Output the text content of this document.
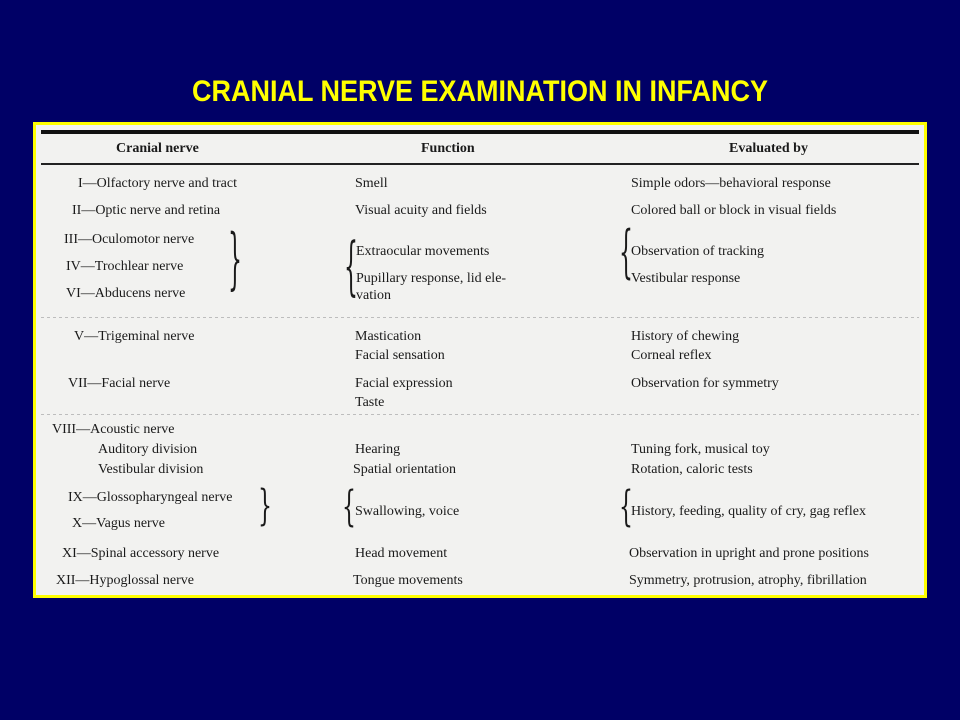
CRANIAL NERVE EXAMINATION IN INFANCY
Cranial nerve	Function	Evaluated by
I—Olfactory nerve and tract
II—Optic nerve and retina
III—Oculomotor nerve
IV—Trochlear nerve
VI—Abducens nerve
V—Trigeminal nerve
VII—Facial nerve
VIII—Acoustic nerve
Auditory division
Vestibular division
IX—Glossopharyngeal nerve
X—Vagus nerve
XI—Spinal accessory nerve
XII—Hypoglossal nerve
}
}
Smell
Visual acuity and fields
{
Extraocular movements
Pupillary response, lid ele-
vation
Mastication
Facial sensation
Facial expression
Taste
Hearing
Spatial orientation
{ Swallowing, voice
Head movement
Tongue movements
Simple odors—behavioral response
Colored ball or block in visual fields
{
Observation of tracking
Vestibular response
History of chewing
Corneal reflex
Observation for symmetry
Tuning fork, musical toy
Rotation, caloric tests
{
History, feeding, quality of cry, gag reflex
Observation in upright and prone positions
Symmetry, protrusion, atrophy, fibrillation
